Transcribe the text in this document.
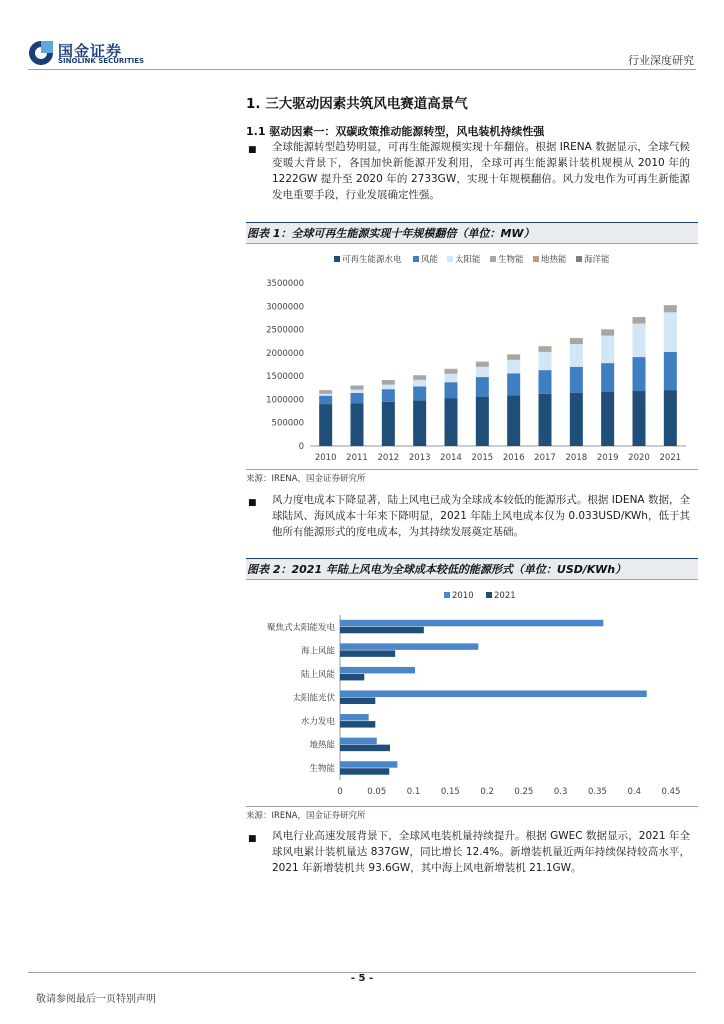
国金证券
SINOLINK SECURITIES	行业深度研究
1. 三大驱动因素共筑风电赛道高景气
1.1 驱动因素一：双碳政策推动能源转型，风电装机持续性强
■ 全球能源转型趋势明显，可再生能源规模实现十年翻倍。根据 IRENA 数据显示，全球气候变暖大背景下，各国加快新能源开发利用，全球可再生能源累计装机规模从 2010 年的 1222GW 提升至 2020 年的 2733GW，实现十年规模翻倍。风力发电作为可再生新能源发电重要手段，行业发展确定性强。

图表 1：全球可再生能源实现十年规模翻倍（单位：MW）
可再生能源水电 风能 太阳能 生物能 地热能 海洋能
0
500000
1000000
1500000
2000000
2500000
3000000
3500000
2010 2011 2012 2013 2014 2015 2016 2017 2018 2019 2020 2021
来源：IRENA，国金证券研究所
■ 风力度电成本下降显著，陆上风电已成为全球成本较低的能源形式。根据 IDENA 数据，全球陆风、海风成本十年来下降明显，2021 年陆上风电成本仅为 0.033USD/KWh，低于其他所有能源形式的度电成本，为其持续发展奠定基础。

图表 2：2021 年陆上风电为全球成本较低的能源形式（单位：USD/KWh）
2010 2021
聚焦式太阳能发电
海上风能
陆上风能
太阳能光伏
水力发电
地热能
生物能
0	0.05 0.1 0.15 0.2 0.25 0.3 0.35 0.4 0.45
来源：IRENA，国金证券研究所
■ 风电行业高速发展背景下，全球风电装机量持续提升。根据 GWEC 数据显示，2021 年全球风电累计装机量达 837GW，同比增长 12.4%。新增装机量近两年持续保持较高水平，2021 年新增装机共 93.6GW，其中海上风电新增装机 21.1GW。

- 5 -
敬请参阅最后一页特别声明
